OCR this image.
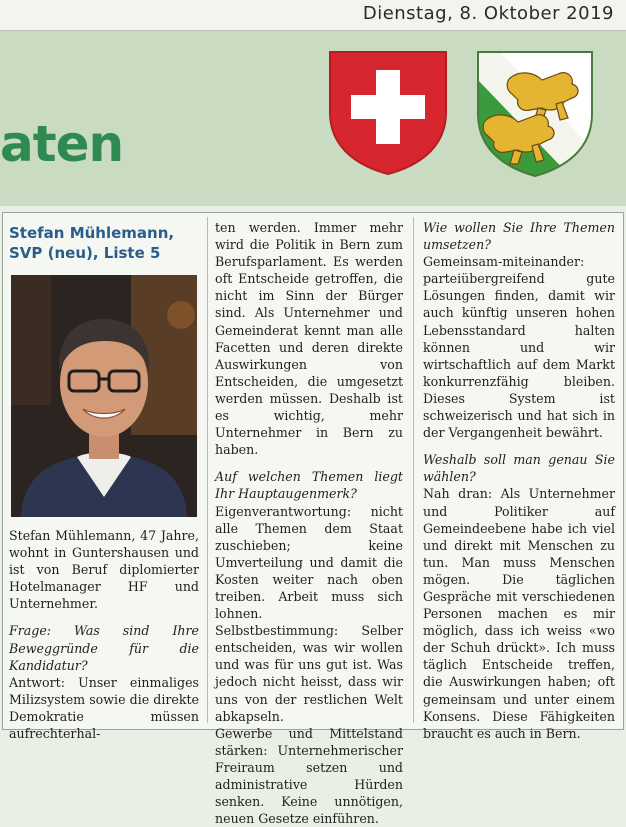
Dienstag, 8. Oktober 2019
aten
Stefan Mühlemann, SVP (neu), Liste 5

Stefan Mühlemann, 47 Jahre, wohnt in Guntershausen und ist von Beruf diplomierter Hotelmanager HF und Unternehmer.

Frage: Was sind Ihre Beweggründe für die Kandidatur?

Antwort: Unser einmaliges Milizsystem sowie die direkte Demokratie müssen aufrechterhal-

ten werden. Immer mehr wird die Politik in Bern zum Berufsparlament. Es werden oft Entscheide getroffen, die nicht im Sinn der Bürger sind. Als Unternehmer und Gemeinderat kennt man alle Facetten und deren direkte Auswirkungen von Entscheiden, die umgesetzt werden müssen. Deshalb ist es wichtig, mehr Unternehmer in Bern zu haben.

Auf welchen Themen liegt Ihr Hauptaugenmerk?

Eigenverantwortung: nicht alle Themen dem Staat zuschieben; keine Umverteilung und damit die Kosten weiter nach oben treiben. Arbeit muss sich lohnen.

Selbstbestimmung: Selber entscheiden, was wir wollen und was für uns gut ist. Was jedoch nicht heisst, dass wir uns von der restlichen Welt abkapseln.

Gewerbe und Mittelstand stärken: Unternehmerischer Freiraum setzen und administrative Hürden senken. Keine unnötigen, neuen Gesetze einführen.

Wie wollen Sie Ihre Themen umsetzen?

Gemeinsam-miteinander: parteiübergreifend gute Lösungen finden, damit wir auch künftig unseren hohen Lebensstandard halten können und wir wirtschaftlich auf dem Markt konkurrenzfähig bleiben. Dieses System ist schweizerisch und hat sich in der Vergangenheit bewährt.

Weshalb soll man genau Sie wählen?

Nah dran: Als Unternehmer und Politiker auf Gemeindeebene habe ich viel und direkt mit Menschen zu tun. Man muss Menschen mögen. Die täglichen Gespräche mit verschiedenen Personen machen es mir möglich, dass ich weiss «wo der Schuh drückt». Ich muss täglich Entscheide treffen, die Auswirkungen haben; oft gemeinsam und unter einem Konsens. Diese Fähigkeiten braucht es auch in Bern.
